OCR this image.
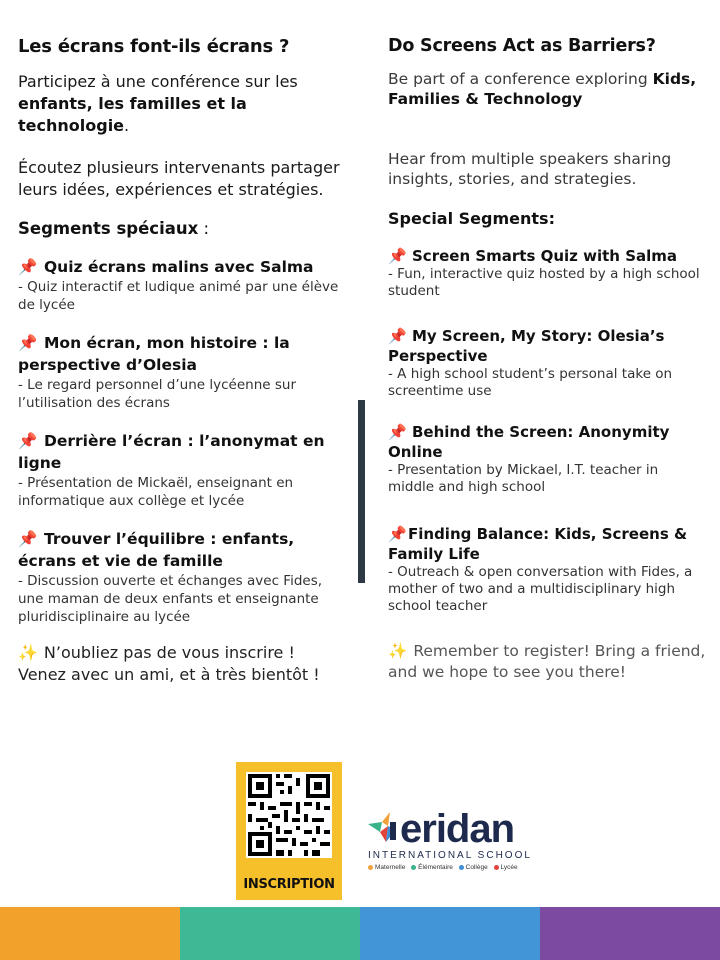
Les écrans font-ils écrans ?
Participez à une conférence sur les enfants, les familles et la technologie.
Écoutez plusieurs intervenants partager leurs idées, expériences et stratégies.
Segments spéciaux :
📌 Quiz écrans malins avec Salma
- Quiz interactif et ludique animé par une élève de lycée
📌 Mon écran, mon histoire : la perspective d’Olesia
- Le regard personnel d’une lycéenne sur l’utilisation des écrans
📌 Derrière l’écran : l’anonymat en ligne
- Présentation de Mickaël, enseignant en informatique aux collège et lycée
📌 Trouver l’équilibre : enfants, écrans et vie de famille
- Discussion ouverte et échanges avec Fides, une maman de deux enfants et enseignante pluridisciplinaire au lycée
✨ N’oubliez pas de vous inscrire ! Venez avec un ami, et à très bientôt !
Do Screens Act as Barriers?
Be part of a conference exploring Kids, Families & Technology
Hear from multiple speakers sharing insights, stories, and strategies.
Special Segments:
📌 Screen Smarts Quiz with Salma
- Fun, interactive quiz hosted by a high school student
📌 My Screen, My Story: Olesia’s Perspective
- A high school student’s personal take on screentime use
📌 Behind the Screen: Anonymity Online
- Presentation by Mickael, I.T. teacher in middle and high school
📌Finding Balance: Kids, Screens & Family Life
- Outreach & open conversation with Fides, a mother of two and a multidisciplinary high school teacher
✨ Remember to register! Bring a friend, and we hope to see you there!
INSCRIPTION
eridan
INTERNATIONAL SCHOOL
Maternelle Élémentaire Collège Lycée
